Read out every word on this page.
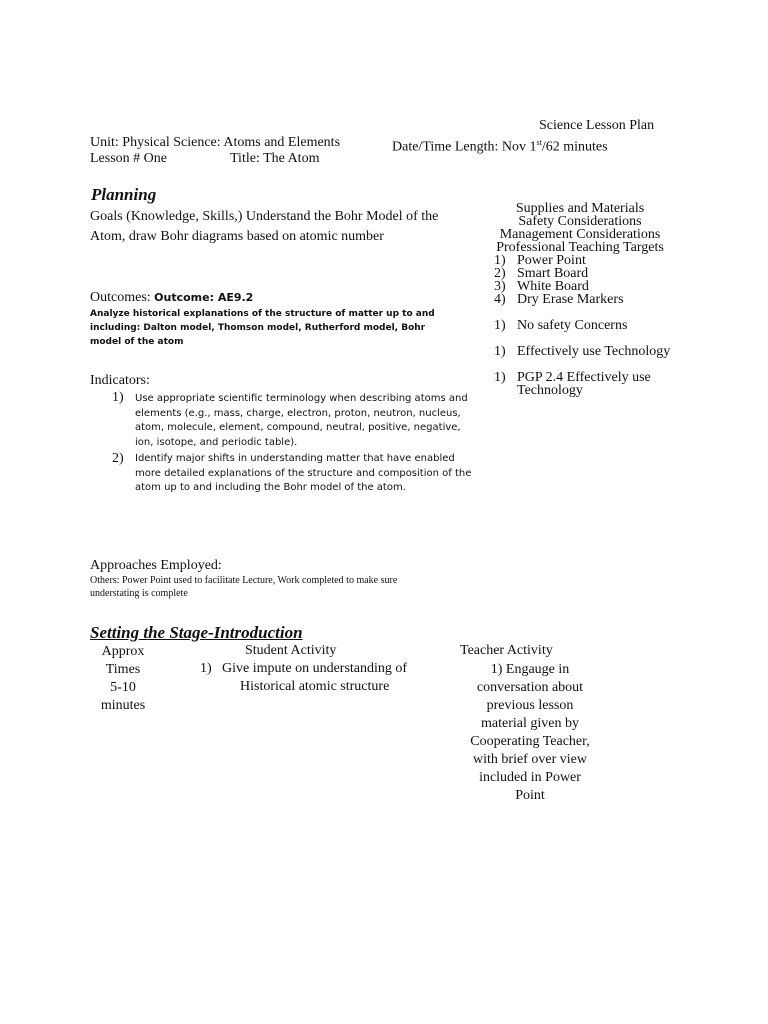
Science Lesson Plan
Unit: Physical Science: Atoms and Elements	Date/Time Length: Nov 1st/62 minutes
Lesson # One	Title: The Atom
Planning
Goals (Knowledge, Skills,) Understand the Bohr Model of the
Atom, draw Bohr diagrams based on atomic number
Outcomes: Outcome: AE9.2
Analyze historical explanations of the structure of matter up to and
including: Dalton model, Thomson model, Rutherford model, Bohr
model of the atom
Indicators:
1) Use appropriate scientific terminology when describing atoms and elements (e.g., mass, charge, electron, proton, neutron, nucleus, atom, molecule, element, compound, neutral, positive, negative, ion, isotope, and periodic table).
2) Identify major shifts in understanding matter that have enabled more detailed explanations of the structure and composition of the atom up to and including the Bohr model of the atom.
Supplies and Materials
Safety Considerations
Management Considerations
Professional Teaching Targets
1) Power Point
2) Smart Board
3) White Board
4) Dry Erase Markers
1) No safety Concerns
1) Effectively use Technology
1) PGP 2.4 Effectively use
Technology
Approaches Employed:
Others: Power Point used to facilitate Lecture, Work completed to make sure
understating is complete
Setting the Stage-Introduction
Approx
Times
5-10
minutes
Student Activity
1) Give impute on understanding of
Historical atomic structure
Teacher Activity
1) Engauge in
conversation about
previous lesson
material given by
Cooperating Teacher,
with brief over view
included in Power
Point
